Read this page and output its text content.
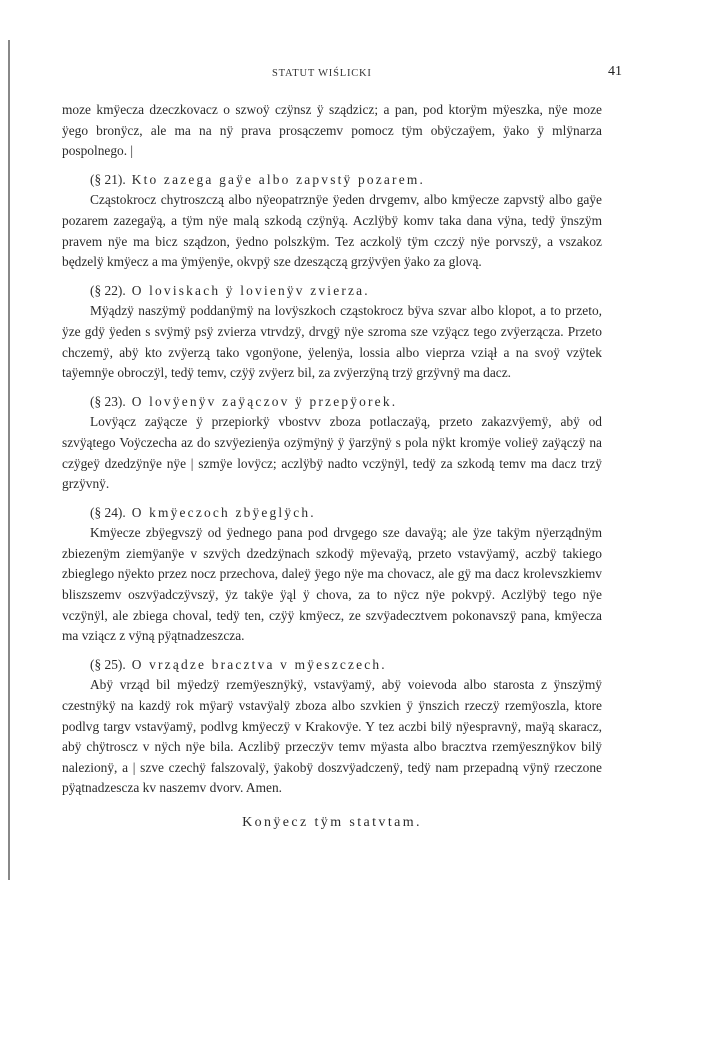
STATUT WIŚLICKI	41

moze kmÿecza dzeczkovacz o szwoÿ czÿnsz ÿ sządzicz; a pan, pod ktorÿm mÿeszka, nÿe moze ÿego bronÿcz, ale ma na nÿ prava prosączemv pomocz tÿm obÿczaÿem, ÿako ÿ mlÿnarza pospolnego. |

(§ 21). Kto zazega gaÿe albo zapvstÿ pozarem.

Cząstokrocz chytroszczą albo nÿeopatrznÿe ÿeden drvgemv, albo kmÿecze zapvstÿ albo gaÿe pozarem zazegaÿą, a tÿm nÿe malą szkodą czÿnÿą. Aczlÿbÿ komv taka dana vÿna, tedÿ ÿnszÿm pravem nÿe ma bicz sządzon, ÿedno polszkÿm. Tez aczkolÿ tÿm czczÿ nÿe porvszÿ, a vszakoz będzelÿ kmÿecz a ma ÿmÿenÿe, okvpÿ sze dzeszączą grzÿvÿen ÿako za glovą.

(§ 22). O loviskach ÿ lovienÿv zvierza.

Mÿądzÿ naszÿmÿ poddanÿmÿ na lovÿszkoch cząstokrocz bÿva szvar albo klopot, a to przeto, ÿze gdÿ ÿeden s svÿmÿ psÿ zvierza vtrvdzÿ, drvgÿ nÿe szroma sze vzÿącz tego zvÿerzącza. Przeto chczemÿ, abÿ kto zvÿerzą tako vgonÿone, ÿelenÿa, lossia albo vieprza vziął a na svoÿ vzÿtek taÿemnÿe obroczÿl, tedÿ temv, czÿÿ zvÿerz bil, za zvÿerzÿną trzÿ grzÿvnÿ ma dacz.

(§ 23). O lovÿenÿv zaÿączov ÿ przepÿorek.

Lovÿącz zaÿącze ÿ przepiorkÿ vbostvv zboza potlaczaÿą, przeto zakazvÿemÿ, abÿ od szvÿątego Voÿczecha az do szvÿezienÿa ozÿmÿnÿ ÿ ÿarzÿnÿ s pola nÿkt kromÿe volieÿ zaÿączÿ na czÿgeÿ dzedzÿnÿe nÿe | szmÿe lovÿcz; aczlÿbÿ nadto vczÿnÿl, tedÿ za szkodą temv ma dacz trzÿ grzÿvnÿ.

(§ 24). O kmÿeczoch zbÿeglÿch.

Kmÿecze zbÿegvszÿ od ÿednego pana pod drvgego sze davaÿą; ale ÿze takÿm nÿerządnÿm zbiezenÿm ziemÿanÿe v szvÿch dzedzÿnach szkodÿ mÿevaÿą, przeto vstavÿamÿ, aczbÿ takiego zbieglego nÿekto przez nocz przechova, daleÿ ÿego nÿe ma chovacz, ale gÿ ma dacz krolevszkiemv bliszszemv oszvÿadczÿvszÿ, ÿz takÿe ÿąl ÿ chova, za to nÿcz nÿe pokvpÿ. Aczlÿbÿ tego nÿe vczÿnÿl, ale zbiega choval, tedÿ ten, czÿÿ kmÿecz, ze szvÿadecztvem pokonavszÿ pana, kmÿecza ma vziącz z vÿną pÿątnadzeszcza.

(§ 25). O vrządze bracztva v mÿeszczech.

Abÿ vrząd bil mÿedzÿ rzemÿesznÿkÿ, vstavÿamÿ, abÿ voievoda albo starosta z ÿnszÿmÿ czestnÿkÿ na kazdÿ rok mÿarÿ vstavÿalÿ zboza albo szvkien ÿ ÿnszich rzeczÿ rzemÿoszla, ktore podlvg targv vstavÿamÿ, podlvg kmÿeczÿ v Krakovÿe. Y tez aczbi bilÿ nÿespravnÿ, maÿą skaracz, abÿ chÿtroscz v nÿch nÿe bila. Aczlibÿ przeczÿv temv mÿasta albo bracztva rzemÿesznÿkov bilÿ nalezionÿ, a | szve czechÿ falszovalÿ, ÿakobÿ doszvÿadczenÿ, tedÿ nam przepadną vÿnÿ rzeczone pÿątnadzescza kv naszemv dvorv. Amen.

Konÿecz tÿm statvtam.
